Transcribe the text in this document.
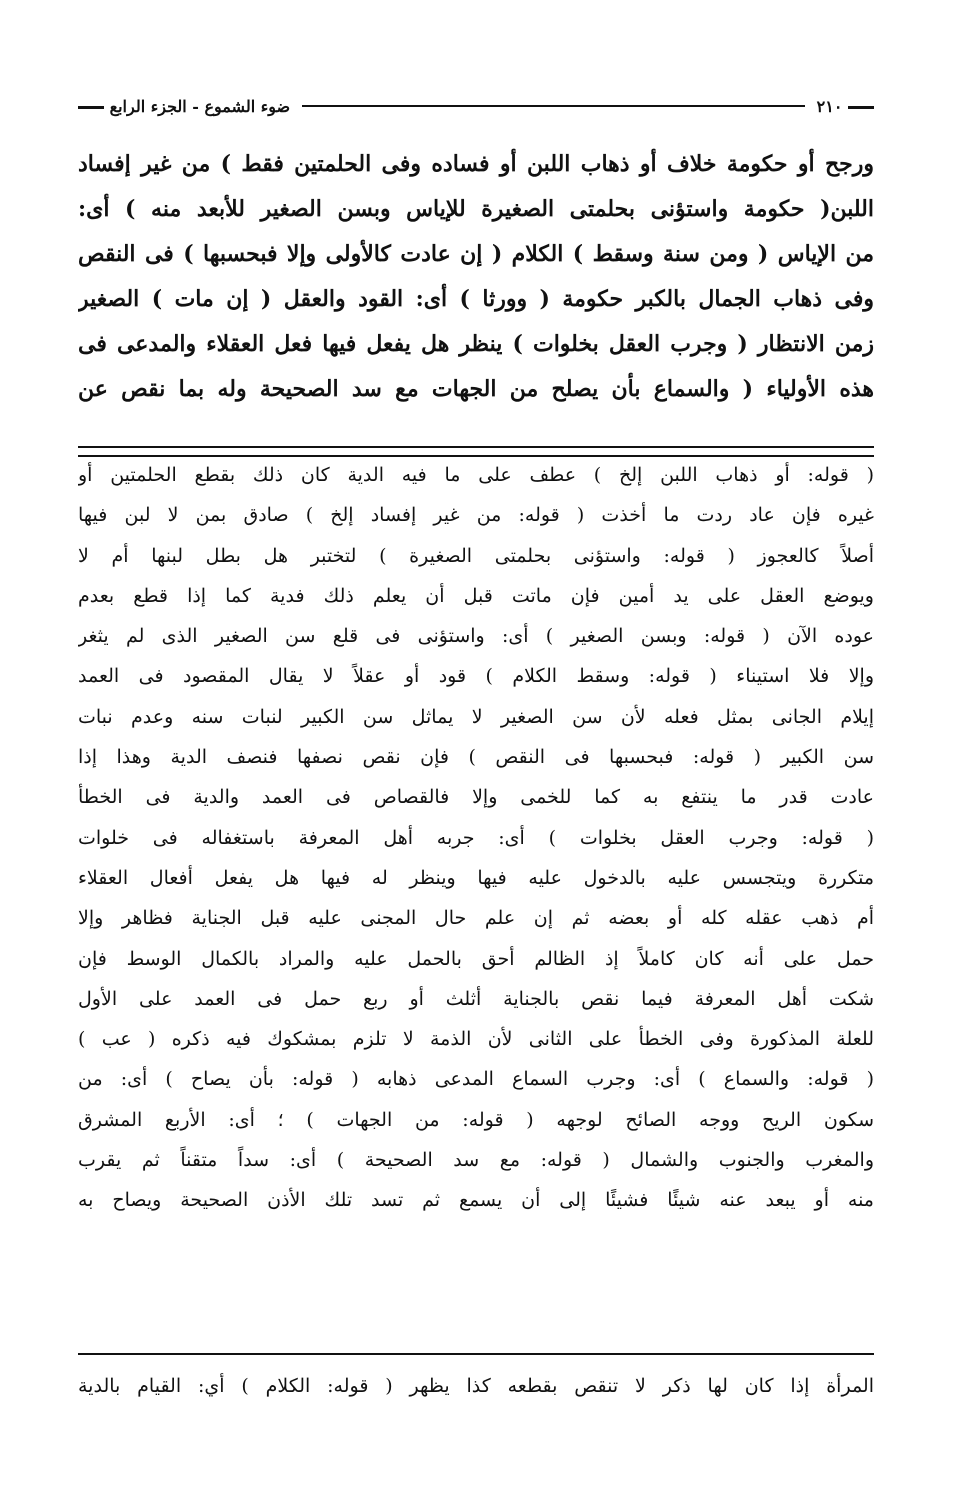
٢١٠
ضوء الشموع - الجزء الرابع
ورجح أو حكومة خلاف أو ذهاب اللبن أو فساده وفى الحلمتين فقط ) من غير إفساد
اللبن( حكومة واستؤنى بحلمتى الصغيرة للإياس وبسن الصغير للأبعد منه ) أى:
من الإياس ( ومن سنة وسقط ) الكلام ( إن عادت كالأولى وإلا فبحسبها ) فى النقص
وفى ذهاب الجمال بالكبر حكومة ( وورثا ) أى: القود والعقل ( إن مات ) الصغير
زمن الانتظار ( وجرب العقل بخلوات ) ينظر هل يفعل فيها فعل العقلاء والمدعى فى
هذه الأولياء ( والسماع بأن يصلح من الجهات مع سد الصحيحة وله بما نقص عن
( قوله: أو ذهاب اللبن إلخ ) عطف على ما فيه الدية كان ذلك بقطع الحلمتين أو
غيره فإن عاد ردت ما أخذت ( قوله: من غير إفساد إلخ ) صادق بمن لا لبن فيها
أصلاً كالعجوز ( قوله: واستؤنى بحلمتى الصغيرة ) لتختبر هل بطل لبنها أم لا
ويوضع العقل على يد أمين فإن ماتت قبل أن يعلم ذلك فدية كما إذا قطع بعدم
عوده الآن ( قوله: وبسن الصغير ) أى: واستؤنى فى قلع سن الصغير الذى لم يثغر
وإلا فلا استيناء ( قوله: وسقط الكلام ) قود أو عقلاً لا يقال المقصود فى العمد
إيلام الجانى بمثل فعله لأن سن الصغير لا يماثل سن الكبير لنبات سنه وعدم نبات
سن الكبير ( قوله: فبحسبها فى النقص ) فإن نقص نصفها فنصف الدية وهذا إذا
عادت قدر ما ينتفع به كما للخمى وإلا فالقصاص فى العمد والدية فى الخطأ
( قوله: وجرب العقل بخلوات ) أى: جربه أهل المعرفة باستغفاله فى خلوات
متكررة ويتجسس عليه بالدخول عليه فيها وينظر له فيها هل يفعل أفعال العقلاء
أم ذهب عقله كله أو بعضه ثم إن علم حال المجنى عليه قبل الجناية فظاهر وإلا
حمل على أنه كان كاملاً إذ الظالم أحق بالحمل عليه والمراد بالكمال الوسط فإن
شكت أهل المعرفة فيما نقص بالجناية أثلث أو ربع حمل فى العمد على الأول
للعلة المذكورة وفى الخطأ على الثانى لأن الذمة لا تلزم بمشكوك فيه ذكره ( عب )
( قوله: والسماع ) أى: وجرب السماع المدعى ذهابه ( قوله: بأن يصاح ) أى: من
سكون الريح ووجه الصائح لوجهه ( قوله: من الجهات ) ؛ أى: الأربع المشرق
والمغرب والجنوب والشمال ( قوله: مع سد الصحيحة ) أى: سداً متقناً ثم يقرب
منه أو يبعد عنه شيئًا فشيئًا إلى أن يسمع ثم تسد تلك الأذن الصحيحة ويصاح به
المرأة إذا كان لها ذكر لا تنقص بقطعه كذا يظهر ( قوله: الكلام ) أي: القيام بالدية
